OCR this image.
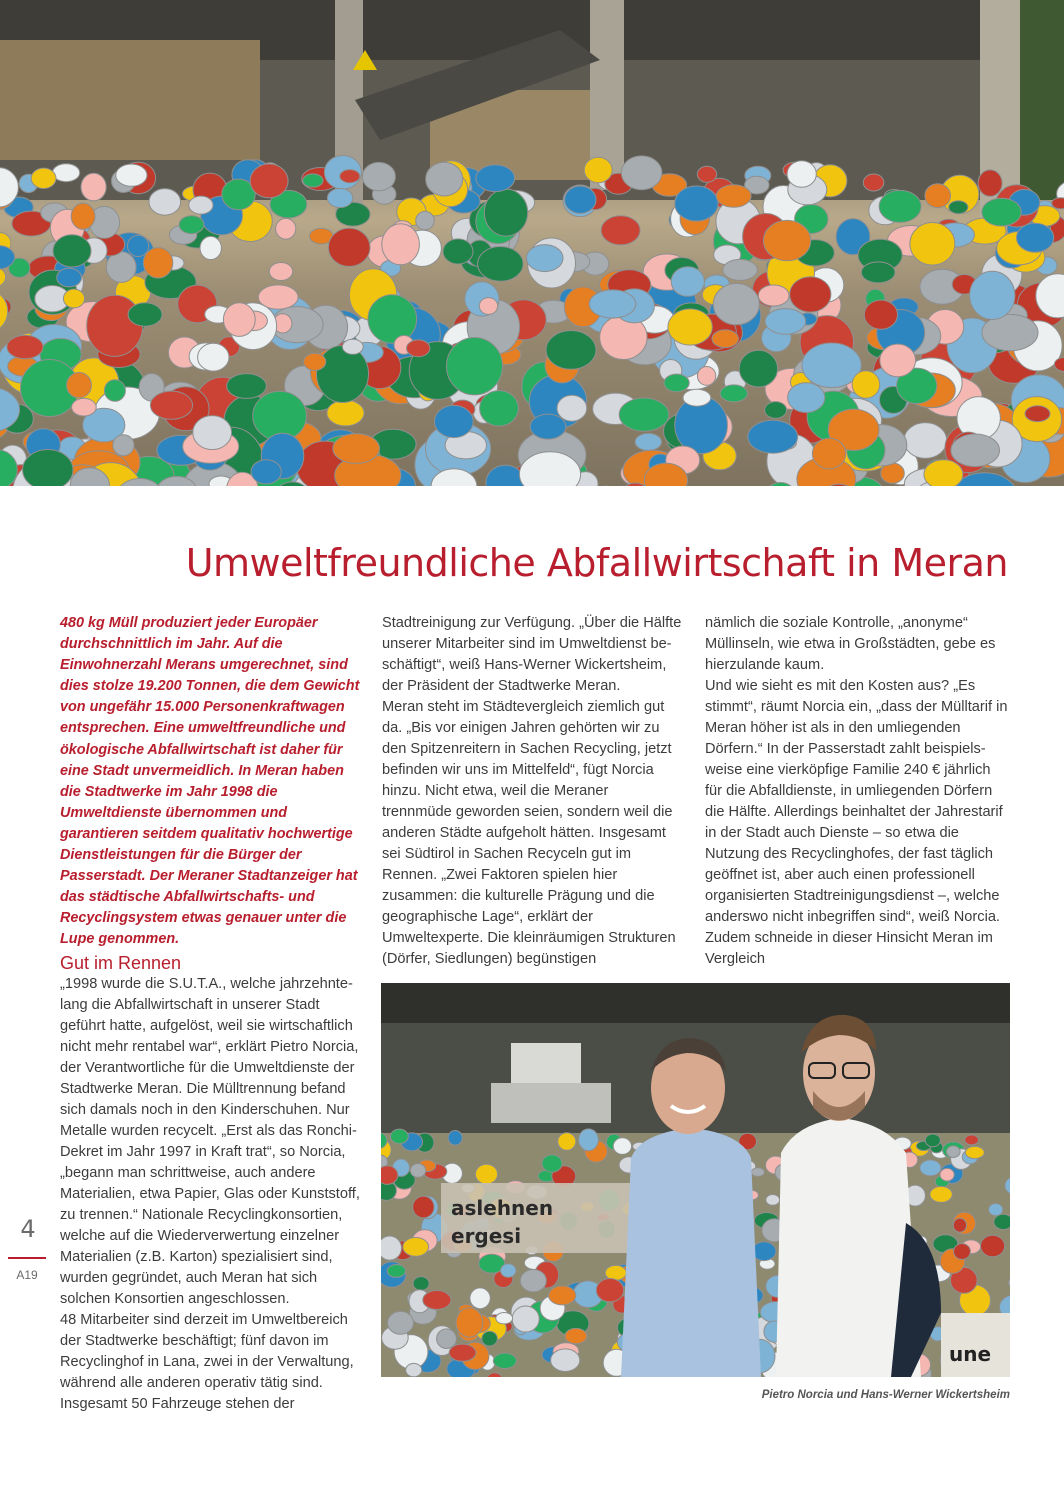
Umweltfreundliche Abfallwirtschaft in Meran

480 kg Müll produziert jeder Europäer durchschnittlich im Jahr. Auf die Einwohnerzahl Merans umgerechnet, sind dies stolze 19.200 Tonnen, die dem Gewicht von ungefähr 15.000 Personenkraftwagen entsprechen. Eine umweltfreundliche und ökologische Abfallwirtschaft ist daher für eine Stadt unvermeidlich. In Meran haben die Stadtwerke im Jahr 1998 die Umweltdienste übernommen und garantieren seitdem qualitativ hochwertige Dienstleistungen für die Bürger der Passerstadt. Der Meraner Stadtanzeiger hat das städtische Abfallwirtschafts- und Recyclingsystem etwas genauer unter die Lupe genommen.

Gut im Rennen

„1998 wurde die S.U.T.A., welche jahrzehnte-lang die Abfallwirtschaft in unserer Stadt geführt hatte, aufgelöst, weil sie wirtschaftlich nicht mehr rentabel war“, erklärt Pietro Norcia, der Verantwortliche für die Umweltdienste der Stadtwerke Meran. Die Mülltrennung befand sich damals noch in den Kinderschuhen. Nur Metalle wurden recycelt. „Erst als das Ronchi-Dekret im Jahr 1997 in Kraft trat“, so Norcia, „begann man schrittweise, auch andere Materialien, etwa Papier, Glas oder Kunststoff, zu trennen.“ Nationale Recyclingkonsortien, welche auf die Wiederverwertung einzelner Materialien (z.B. Karton) spezialisiert sind, wurden gegründet, auch Meran hat sich solchen Konsortien angeschlossen.

48 Mitarbeiter sind derzeit im Umweltbereich der Stadtwerke beschäftigt; fünf davon im Recyclinghof in Lana, zwei in der Verwaltung, während alle anderen operativ tätig sind. Insgesamt 50 Fahrzeuge stehen der

Stadtreinigung zur Verfügung. „Über die Hälfte unserer Mitarbeiter sind im Umweltdienst be-schäftigt“, weiß Hans-Werner Wickertsheim, der Präsident der Stadtwerke Meran.

Meran steht im Städtevergleich ziemlich gut da. „Bis vor einigen Jahren gehörten wir zu den Spitzenreitern in Sachen Recycling, jetzt befinden wir uns im Mittelfeld“, fügt Norcia hinzu. Nicht etwa, weil die Meraner trennmüde geworden seien, sondern weil die anderen Städte aufgeholt hätten. Insgesamt sei Südtirol in Sachen Recyceln gut im Rennen. „Zwei Faktoren spielen hier zusammen: die kulturelle Prägung und die geographische Lage“, erklärt der Umweltexperte. Die kleinräumigen Strukturen (Dörfer, Siedlungen) begünstigen

nämlich die soziale Kontrolle, „anonyme“ Müllinseln, wie etwa in Großstädten, gebe es hierzulande kaum.

Und wie sieht es mit den Kosten aus? „Es stimmt“, räumt Norcia ein, „dass der Mülltarif in Meran höher ist als in den umliegenden Dörfern.“ In der Passerstadt zahlt beispiels-weise eine vierköpfige Familie 240 € jährlich für die Abfalldienste, in umliegenden Dörfern die Hälfte. Allerdings beinhaltet der Jahrestarif in der Stadt auch Dienste – so etwa die Nutzung des Recyclinghofes, der fast täglich geöffnet ist, aber auch einen professionell organisierten Stadtreinigungsdienst –, welche anderswo nicht inbegriffen sind“, weiß Norcia. Zudem schneide in dieser Hinsicht Meran im Vergleich

aslehnen
ergesi
une
Pietro Norcia und Hans-Werner Wickertsheim
4
A19
